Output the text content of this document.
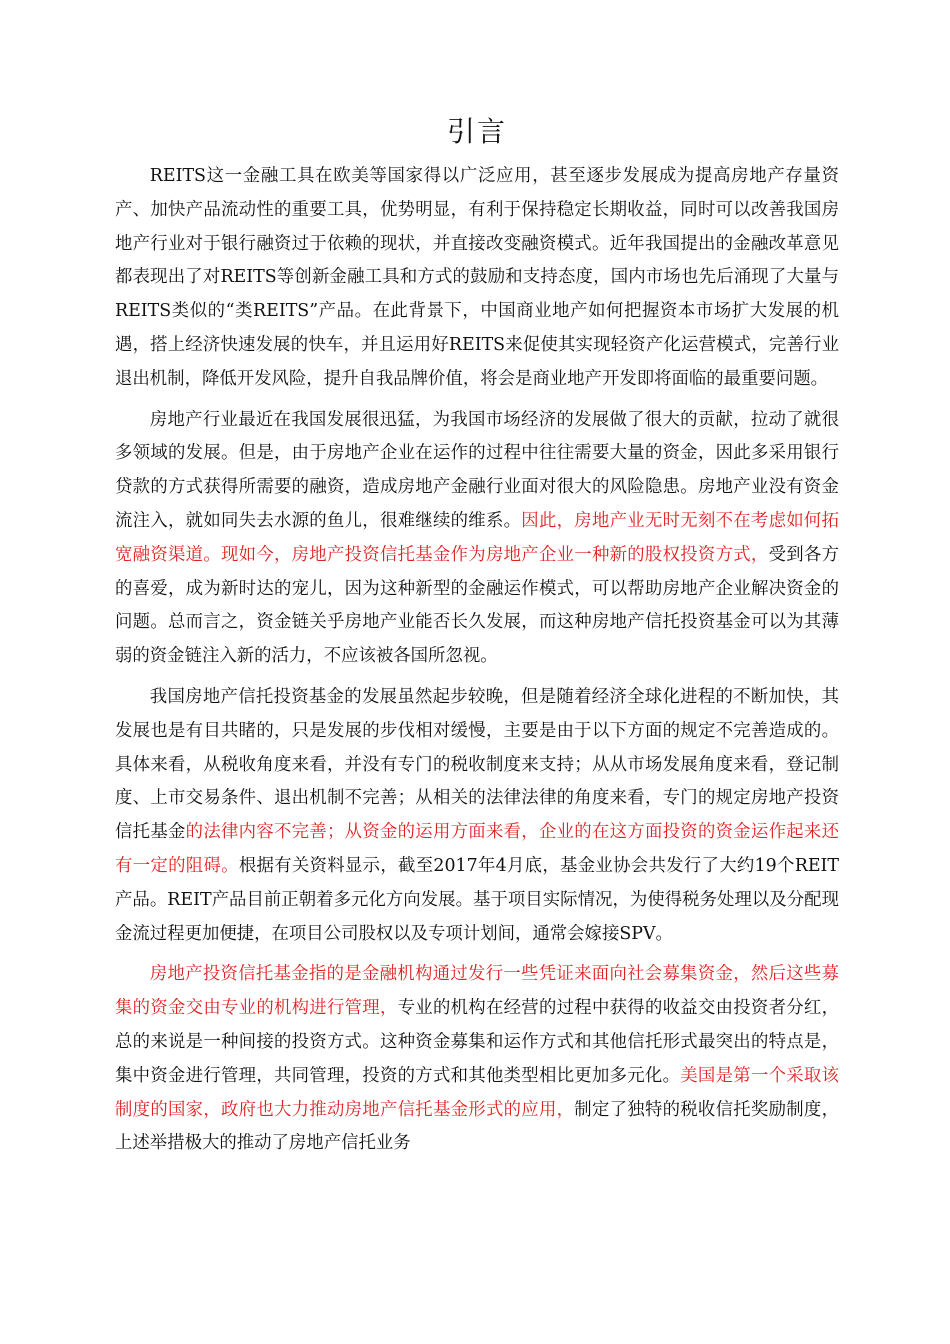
引言

REITS这一金融工具在欧美等国家得以广泛应用，甚至逐步发展成为提高房地产存量资产、加快产品流动性的重要工具，优势明显，有利于保持稳定长期收益，同时可以改善我国房地产行业对于银行融资过于依赖的现状，并直接改变融资模式。近年我国提出的金融改革意见都表现出了对REITS等创新金融工具和方式的鼓励和支持态度，国内市场也先后涌现了大量与REITS类似的“类REITS”产品。在此背景下，中国商业地产如何把握资本市场扩大发展的机遇，搭上经济快速发展的快车，并且运用好REITS来促使其实现轻资产化运营模式，完善行业退出机制，降低开发风险，提升自我品牌价值，将会是商业地产开发即将面临的最重要问题。

房地产行业最近在我国发展很迅猛，为我国市场经济的发展做了很大的贡献，拉动了就很多领域的发展。但是，由于房地产企业在运作的过程中往往需要大量的资金，因此多采用银行贷款的方式获得所需要的融资，造成房地产金融行业面对很大的风险隐患。房地产业没有资金流注入，就如同失去水源的鱼儿，很难继续的维系。因此，房地产业无时无刻不在考虑如何拓宽融资渠道。现如今，房地产投资信托基金作为房地产企业一种新的股权投资方式，受到各方的喜爱，成为新时达的宠儿，因为这种新型的金融运作模式，可以帮助房地产企业解决资金的问题。总而言之，资金链关乎房地产业能否长久发展，而这种房地产信托投资基金可以为其薄弱的资金链注入新的活力，不应该被各国所忽视。

我国房地产信托投资基金的发展虽然起步较晚，但是随着经济全球化进程的不断加快，其发展也是有目共睹的，只是发展的步伐相对缓慢，主要是由于以下方面的规定不完善造成的。具体来看，从税收角度来看，并没有专门的税收制度来支持；从从市场发展角度来看，登记制度、上市交易条件、退出机制不完善；从相关的法律法律的角度来看，专门的规定房地产投资信托基金的法律内容不完善；从资金的运用方面来看，企业的在这方面投资的资金运作起来还有一定的阻碍。根据有关资料显示，截至2017年4月底，基金业协会共发行了大约19个REIT产品。REIT产品目前正朝着多元化方向发展。基于项目实际情况，为使得税务处理以及分配现金流过程更加便捷，在项目公司股权以及专项计划间，通常会嫁接SPV。

房地产投资信托基金指的是金融机构通过发行一些凭证来面向社会募集资金，然后这些募集的资金交由专业的机构进行管理，专业的机构在经营的过程中获得的收益交由投资者分红，总的来说是一种间接的投资方式。这种资金募集和运作方式和其他信托形式最突出的特点是，集中资金进行管理，共同管理，投资的方式和其他类型相比更加多元化。美国是第一个采取该制度的国家，政府也大力推动房地产信托基金形式的应用，制定了独特的税收信托奖励制度，上述举措极大的推动了房地产信托业务
